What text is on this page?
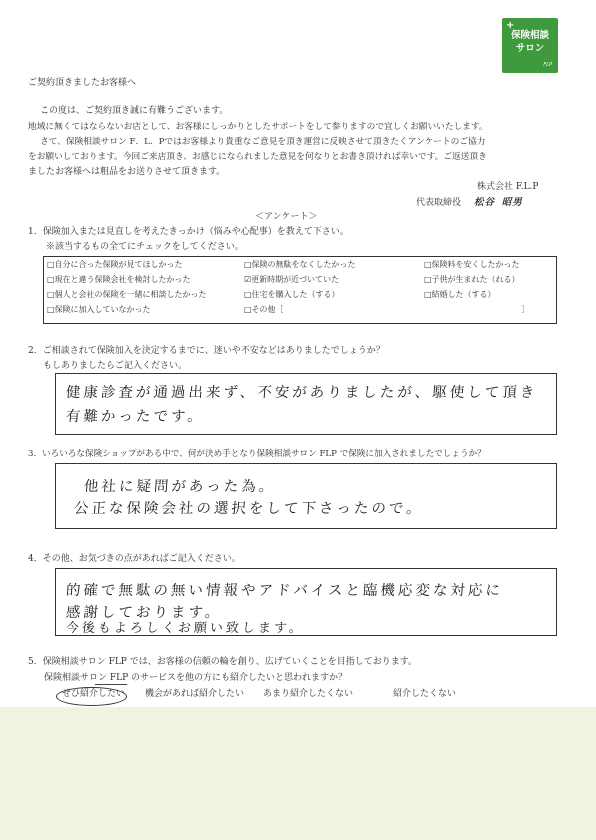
+
保険相談
サロン
FLP
ご契約頂きましたお客様へ
この度は、ご契約頂き誠に有難うございます。
地域に無くてはならないお店として、お客様にしっかりとしたサポートをして参りますので宜しくお願いいたします。
さて、保険相談サロン F．L．Pではお客様より貴重なご意見を頂き運営に反映させて頂きたくアンケートのご協力
をお願いしております。今回ご来店頂き、お感じになられました意見を何なりとお書き頂ければ幸いです。ご返送頂き
ましたお客様へは粗品をお送りさせて頂きます。
株式会社 F.L.P
代表取締役 松谷 昭男
＜アンケート＞
1．保険加入または見直しを考えたきっかけ（悩みや心配事）を教えて下さい。
※該当するもの全てにチェックをしてください。
□自分に合った保険が見てほしかった	□保険の無駄をなくしたかった	□保険料を安くしたかった
□現在と違う保険会社を検討したかった	☑更新時期が近づいていた	□子供が生まれた（れる）
□個人と会社の保険を一緒に相談したかった	□住宅を購入した（する）	□結婚した（する）
□保険に加入していなかった	□その他［	］
2．ご相談されて保険加入を決定するまでに、迷いや不安などはありましたでしょうか？
もしありましたらご記入ください。
健康診査が通過出来ず、不安がありましたが、駆使して頂き
有難かったです。
3．いろいろな保険ショップがある中で、何が決め手となり保険相談サロン FLP で保険に加入されましたでしょうか？
他社に疑問があった為。
公正な保険会社の選択をして下さったので。
4．その他、お気づきの点があればご記入ください。
的確で無駄の無い情報やアドバイスと臨機応変な対応に
感謝しております。
今後もよろしくお願い致します。
5．保険相談サロン FLP では、お客様の信頼の輪を創り、広げていくことを目指しております。
保険相談サロン FLP のサービスを他の方にも紹介したいと思われますか？
ぜひ紹介したい 機会があれば紹介したい あまり紹介したくない	紹介したくない
